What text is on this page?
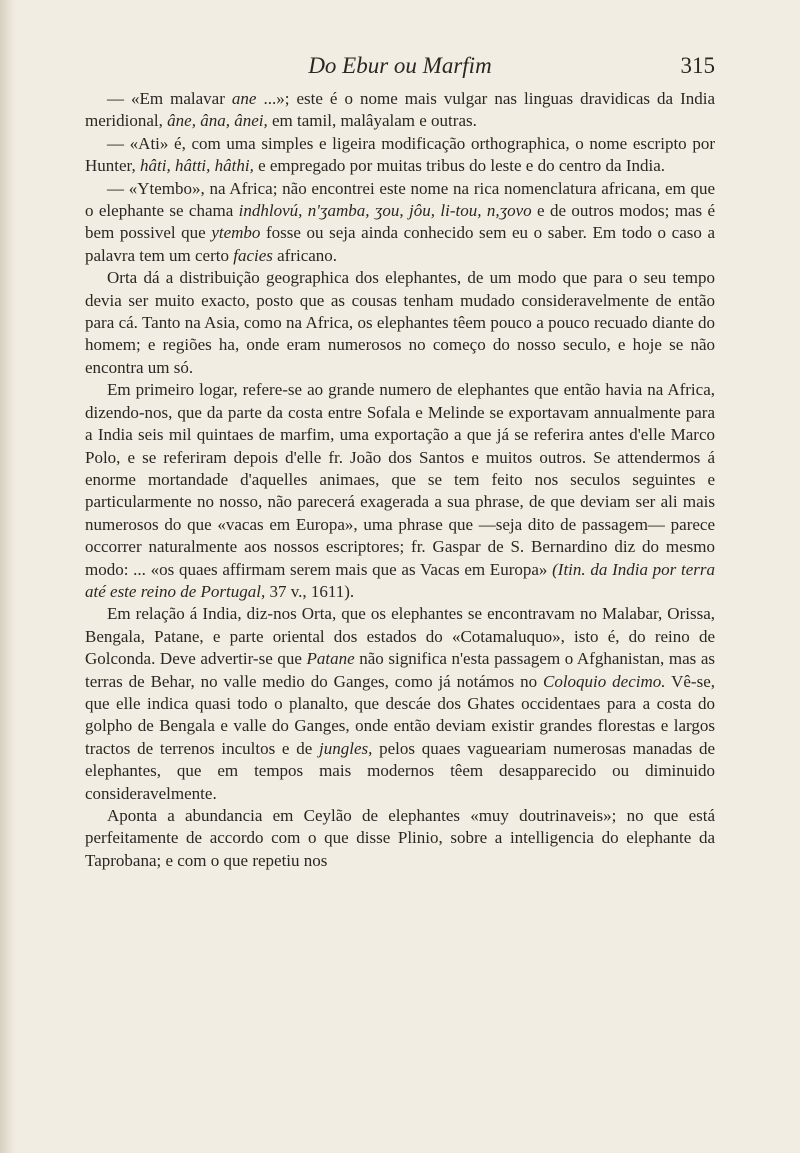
Do Ebur ou Marfim	315

— «Em malavar ane ...»; este é o nome mais vulgar nas linguas dravidicas da India meridional, âne, âna, ânei, em tamil, malâyalam e outras.

— «Ati» é, com uma simples e ligeira modificação orthographica, o nome escripto por Hunter, hâti, hâtti, hâthi, e empregado por muitas tribus do leste e do centro da India.

— «Ytembo», na Africa; não encontrei este nome na rica nomenclatura africana, em que o elephante se chama indhlovú, n'ʒamba, ʒou, jôu, li-tou, n,ʒovo e de outros modos; mas é bem possivel que ytembo fosse ou seja ainda conhecido sem eu o saber. Em todo o caso a palavra tem um certo facies africano.

Orta dá a distribuição geographica dos elephantes, de um modo que para o seu tempo devia ser muito exacto, posto que as cousas tenham mudado consideravelmente de então para cá. Tanto na Asia, como na Africa, os elephantes têem pouco a pouco recuado diante do homem; e regiões ha, onde eram numerosos no começo do nosso seculo, e hoje se não encontra um só.

Em primeiro logar, refere-se ao grande numero de elephantes que então havia na Africa, dizendo-nos, que da parte da costa entre Sofala e Melinde se exportavam annualmente para a India seis mil quintaes de marfim, uma exportação a que já se referira antes d'elle Marco Polo, e se referiram depois d'elle fr. João dos Santos e muitos outros. Se attendermos á enorme mortandade d'aquelles animaes, que se tem feito nos seculos seguintes e particularmente no nosso, não parecerá exagerada a sua phrase, de que deviam ser ali mais numerosos do que «vacas em Europa», uma phrase que —seja dito de passagem— parece occorrer naturalmente aos nossos escriptores; fr. Gaspar de S. Bernardino diz do mesmo modo: ... «os quaes affirmam serem mais que as Vacas em Europa» (Itin. da India por terra até este reino de Portugal, 37 v., 1611).

Em relação á India, diz-nos Orta, que os elephantes se encontravam no Malabar, Orissa, Bengala, Patane, e parte oriental dos estados do «Cotamaluquo», isto é, do reino de Golconda. Deve advertir-se que Patane não significa n'esta passagem o Afghanistan, mas as terras de Behar, no valle medio do Ganges, como já notámos no Coloquio decimo. Vê-se, que elle indica quasi todo o planalto, que descáe dos Ghates occidentaes para a costa do golpho de Bengala e valle do Ganges, onde então deviam existir grandes florestas e largos tractos de terrenos incultos e de jungles, pelos quaes vagueariam numerosas manadas de elephantes, que em tempos mais modernos têem desapparecido ou diminuido consideravelmente.

Aponta a abundancia em Ceylão de elephantes «muy doutrinaveis»; no que está perfeitamente de accordo com o que disse Plinio, sobre a intelligencia do elephante da Taprobana; e com o que repetiu nos
